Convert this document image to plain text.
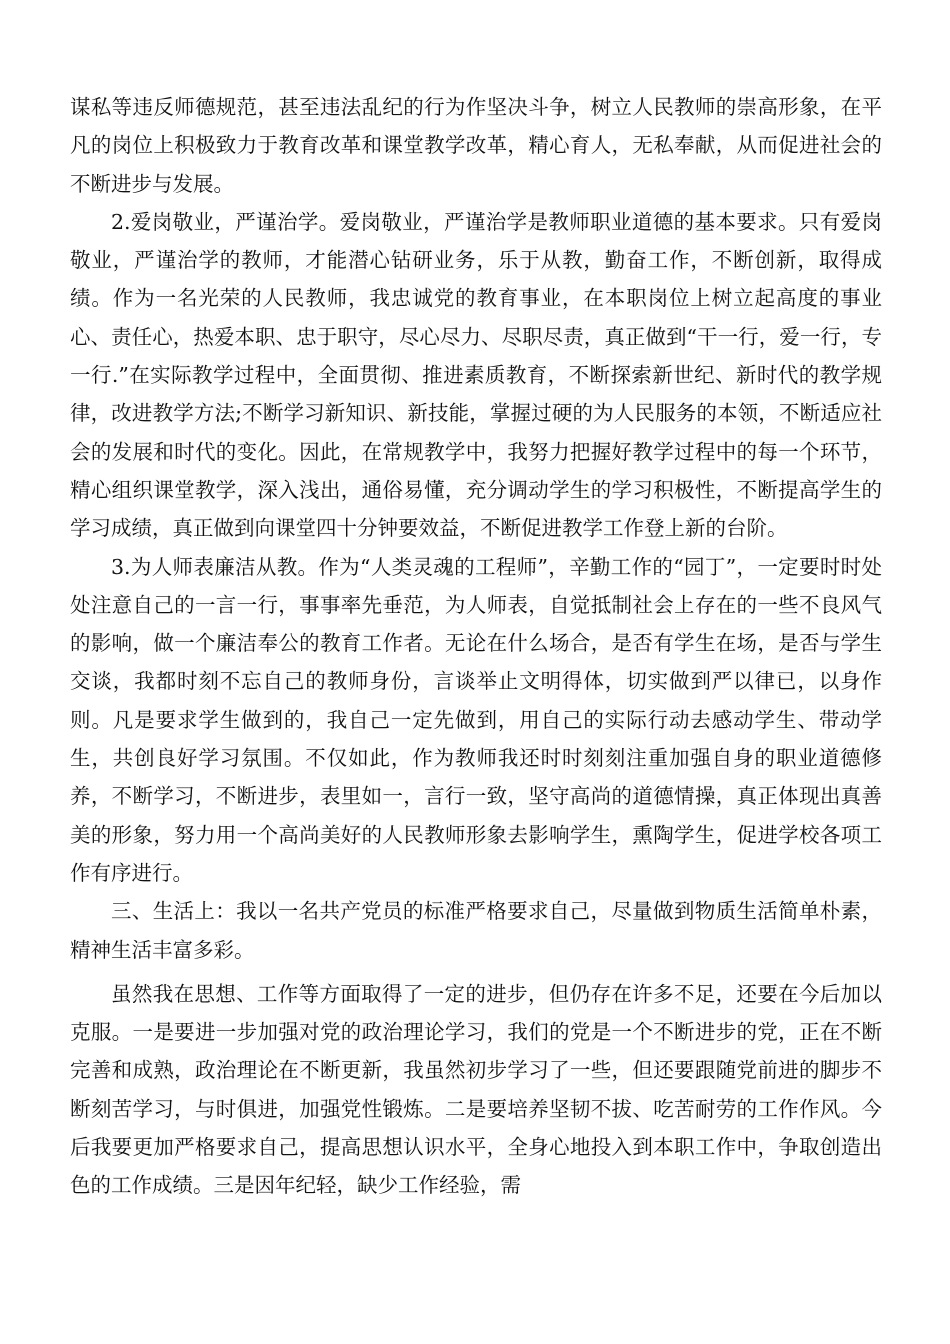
谋私等违反师德规范，甚至违法乱纪的行为作坚决斗争，树立人民教师的崇高形象，在平凡的岗位上积极致力于教育改革和课堂教学改革，精心育人，无私奉献，从而促进社会的不断进步与发展。

2.爱岗敬业，严谨治学。爱岗敬业，严谨治学是教师职业道德的基本要求。只有爱岗敬业，严谨治学的教师，才能潜心钻研业务，乐于从教，勤奋工作，不断创新，取得成绩。作为一名光荣的人民教师，我忠诚党的教育事业，在本职岗位上树立起高度的事业心、责任心，热爱本职、忠于职守，尽心尽力、尽职尽责，真正做到“干一行，爱一行，专一行.”在实际教学过程中，全面贯彻、推进素质教育，不断探索新世纪、新时代的教学规律，改进教学方法;不断学习新知识、新技能，掌握过硬的为人民服务的本领，不断适应社会的发展和时代的变化。因此，在常规教学中，我努力把握好教学过程中的每一个环节，精心组织课堂教学，深入浅出，通俗易懂，充分调动学生的学习积极性，不断提高学生的学习成绩，真正做到向课堂四十分钟要效益，不断促进教学工作登上新的台阶。

3.为人师表廉洁从教。作为“人类灵魂的工程师”，辛勤工作的“园丁”，一定要时时处处注意自己的一言一行，事事率先垂范，为人师表，自觉抵制社会上存在的一些不良风气的影响，做一个廉洁奉公的教育工作者。无论在什么场合，是否有学生在场，是否与学生交谈，我都时刻不忘自己的教师身份，言谈举止文明得体，切实做到严以律已，以身作则。凡是要求学生做到的，我自己一定先做到，用自己的实际行动去感动学生、带动学生，共创良好学习氛围。不仅如此，作为教师我还时时刻刻注重加强自身的职业道德修养，不断学习，不断进步，表里如一，言行一致，坚守高尚的道德情操，真正体现出真善美的形象，努力用一个高尚美好的人民教师形象去影响学生，熏陶学生，促进学校各项工作有序进行。

三、生活上：我以一名共产党员的标准严格要求自己，尽量做到物质生活简单朴素，精神生活丰富多彩。

虽然我在思想、工作等方面取得了一定的进步，但仍存在许多不足，还要在今后加以克服。一是要进一步加强对党的政治理论学习，我们的党是一个不断进步的党，正在不断完善和成熟，政治理论在不断更新，我虽然初步学习了一些，但还要跟随党前进的脚步不断刻苦学习，与时俱进，加强党性锻炼。二是要培养坚韧不拔、吃苦耐劳的工作作风。今后我要更加严格要求自己，提高思想认识水平，全身心地投入到本职工作中，争取创造出色的工作成绩。三是因年纪轻，缺少工作经验，需
